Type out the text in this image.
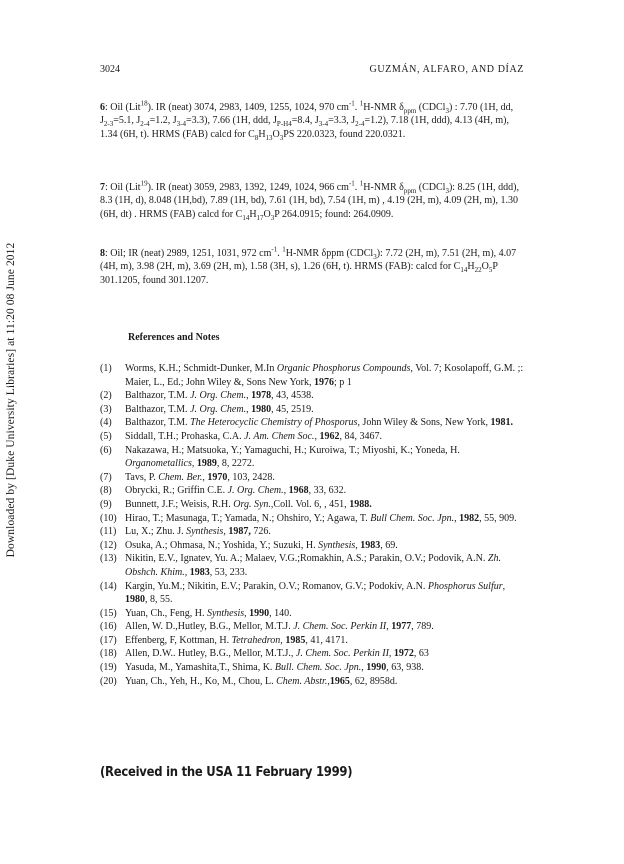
Downloaded by [Duke University Libraries] at 11:20 08 June 2012
3024	GUZMÁN, ALFARO, AND DÍAZ
6: Oil (Lit$^{18}$). IR (neat) 3074, 2983, 1409, 1255, 1024, 970 $cm^{-1}$. $^1$H-NMR $\delta_{ppm}$ (CDCl$_3$) : 7.70 (1H, dd, $J_{2-3}=5.1$, $J_{2-4}=1.2$, $J_{3-4}=3.3$), 7.66 (1H, ddd, $J_{P-H4}=8.4$, $J_{3-4}=3.3$, $J_{2-4}=1.2$), 7.18 (1H, ddd), 4.13 (4H, m), 1.34 (6H, t). HRMS (FAB) calcd for $C_8H_{13}O_3PS$ 220.0323, found 220.0321.
7: Oil (Lit$^{19}$). IR (neat) 3059, 2983, 1392, 1249, 1024, 966 $cm^{-1}$. $^1$H-NMR $\delta_{ppm}$ (CDCl$_3$): 8.25 (1H, ddd), 8.3 (1H, d), 8.048 (1H,bd), 7.89 (1H, bd), 7.61 (1H, bd), 7.54 (1H, m) , 4.19 (2H, m), 4.09 (2H, m), 1.30 (6H, dt) . HRMS (FAB) calcd for $C_{14}H_{17}O_3P$ 264.0915; found: 264.0909.
8: Oil; IR (neat) 2989, 1251, 1031, 972 $cm^{-1}$. $^1$H-NMR δppm (CDCl$_3$): 7.72 (2H, m), 7.51 (2H, m), 4.07 (4H, m), 3.98 (2H, m), 3.69 (2H, m), 1.58 (3H, s), 1.26 (6H, t). HRMS (FAB): calcd for $C_{14}H_{22}O_5P$ 301.1205, found 301.1207.
References and Notes
(1) Worms, K.H.; Schmidt-Dunker, M.In Organic Phosphorus Compounds, Vol. 7; Kosolapoff, G.M. ;: Maier, L., Ed.; John Wiley &, Sons New York, 1976; p 1
(2) Balthazor, T.M. J. Org. Chem., 1978, 43, 4538.
(3) Balthazor, T.M. J. Org. Chem., 1980, 45, 2519.
(4) Balthazor, T.M. The Heterocyclic Chemistry of Phosporus, John Wiley & Sons, New York, 1981.
(5) Siddall, T.H.; Prohaska, C.A. J. Am. Chem Soc., 1962, 84, 3467.
(6) Nakazawa, H.; Matsuoka, Y.; Yamaguchi, H.; Kuroiwa, T.; Miyoshi, K.; Yoneda, H. Organometallics, 1989, 8, 2272.
(7) Tavs, P. Chem. Ber., 1970, 103, 2428.
(8) Obrycki, R.; Griffin C.E. J. Org. Chem., 1968, 33, 632.
(9) Bunnett, J.F.; Weisis, R.H. Org. Syn.,Coll. Vol. 6, , 451, 1988.
(10) Hirao, T.; Masunaga, T.; Yamada, N.; Ohshiro, Y.; Agawa, T. Bull Chem. Soc. Jpn., 1982, 55, 909.
(11) Lu, X.; Zhu. J. Synthesis, 1987, 726.
(12) Osuka, A.; Ohmasa, N.; Yoshida, Y.; Suzuki, H. Synthesis, 1983, 69.
(13) Nikitin, E.V., Ignatev, Yu. A.; Malaev, V.G.;Romakhin, A.S.; Parakin, O.V.; Podovik, A.N. Zh. Obshch. Khim., 1983, 53, 233.
(14) Kargin, Yu.M.; Nikitin, E.V.; Parakin, O.V.; Romanov, G.V.; Podokiv, A.N. Phosphorus Sulfur, 1980, 8, 55.
(15) Yuan, Ch., Feng, H. Synthesis, 1990, 140.
(16) Allen, W. D.,Hutley, B.G., Mellor, M.T.J. J. Chem. Soc. Perkin II, 1977, 789.
(17) Effenberg, F, Kottman, H. Tetrahedron, 1985, 41, 4171.
(18) Allen, D.W.. Hutley, B.G., Mellor, M.T.J., J. Chem. Soc. Perkin II, 1972, 63
(19) Yasuda, M., Yamashita,T., Shima, K. Bull. Chem. Soc. Jpn., 1990, 63, 938.
(20) Yuan, Ch., Yeh, H., Ko, M., Chou, L. Chem. Abstr.,1965, 62, 8958d.
(Received in the USA 11 February 1999)
